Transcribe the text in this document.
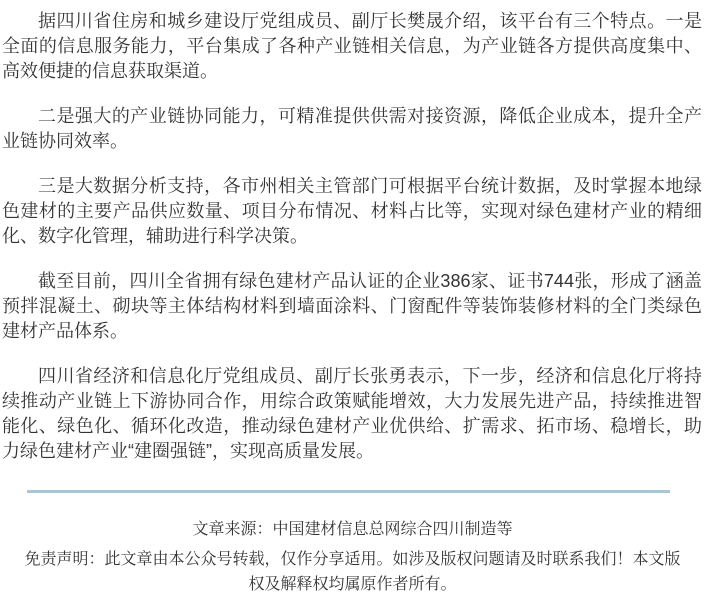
据四川省住房和城乡建设厅党组成员、副厅长樊晟介绍，该平台有三个特点。一是全面的信息服务能力，平台集成了各种产业链相关信息，为产业链各方提供高度集中、高效便捷的信息获取渠道。

二是强大的产业链协同能力，可精准提供供需对接资源，降低企业成本，提升全产业链协同效率。

三是大数据分析支持，各市州相关主管部门可根据平台统计数据，及时掌握本地绿色建材的主要产品供应数量、项目分布情况、材料占比等，实现对绿色建材产业的精细化、数字化管理，辅助进行科学决策。

截至目前，四川全省拥有绿色建材产品认证的企业386家、证书744张，形成了涵盖预拌混凝土、砌块等主体结构材料到墙面涂料、门窗配件等装饰装修材料的全门类绿色建材产品体系。

四川省经济和信息化厅党组成员、副厅长张勇表示，下一步，经济和信息化厅将持续推动产业链上下游协同合作，用综合政策赋能增效，大力发展先进产品，持续推进智能化、绿色化、循环化改造，推动绿色建材产业优供给、扩需求、拓市场、稳增长，助力绿色建材产业“建圈强链”，实现高质量发展。

文章来源：中国建材信息总网综合四川制造等
免责声明：此文章由本公众号转载，仅作分享适用。如涉及版权问题请及时联系我们！本文版权及解释权均属原作者所有。
